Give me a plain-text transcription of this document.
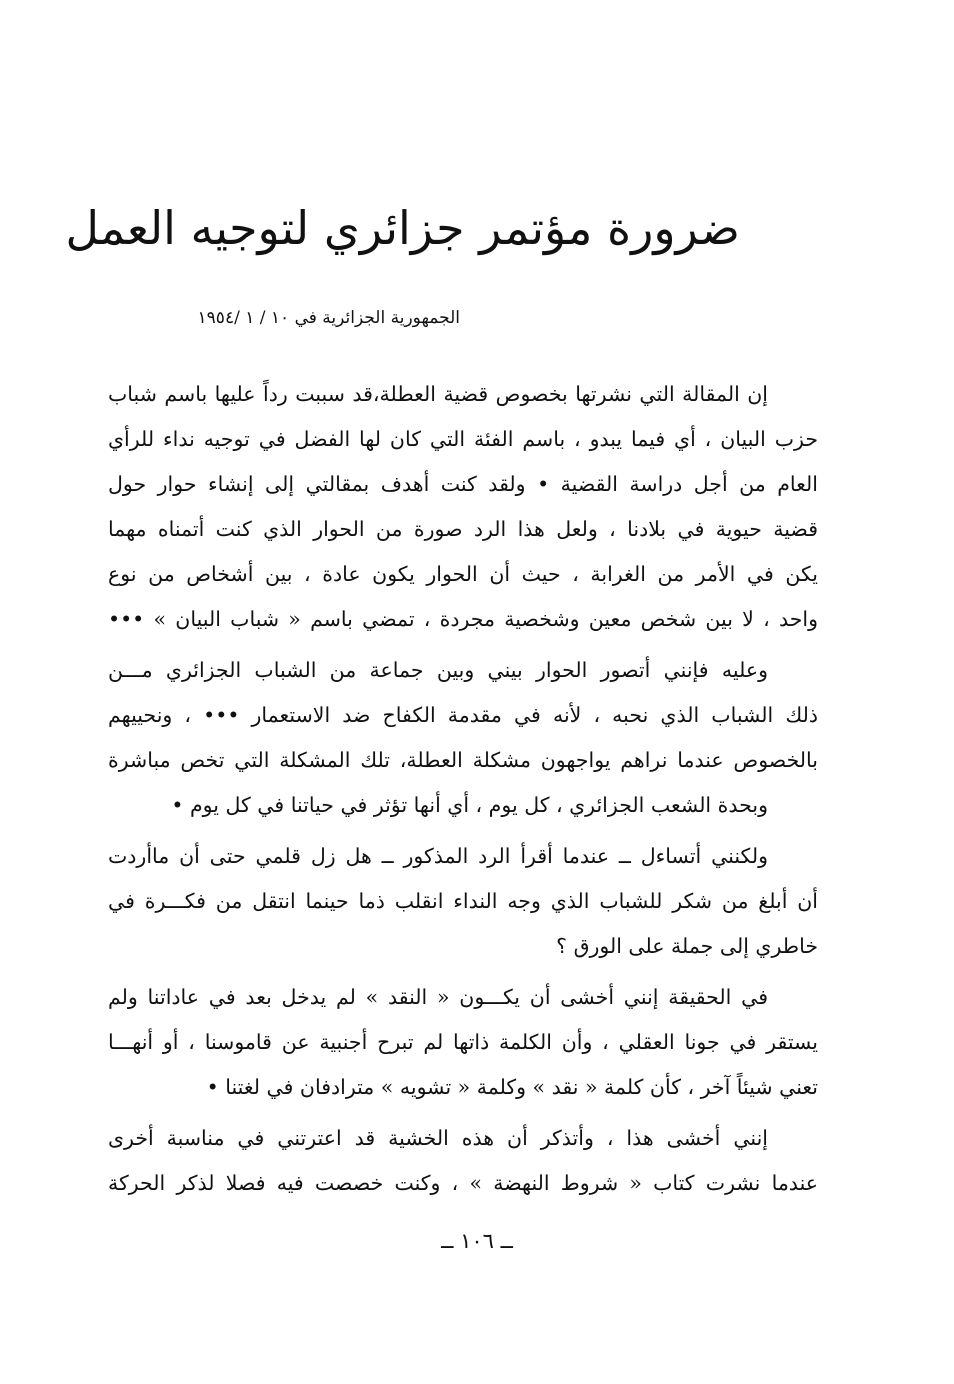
ضرورة مؤتمر جزائري لتوجيه العمل
الجمهورية الجزائرية في ١٠ / ١ /١٩٥٤
إن المقالة التي نشرتها بخصوص قضية العطلة،قد سببت رداً عليها باسم شباب
حزب البيان ، أي فيما يبدو ، باسم الفئة التي كان لها الفضل في توجيه نداء للرأي
العام من أجل دراسة القضية • ولقد كنت أهدف بمقالتي إلى إنشاء حوار حول
قضية حيوية في بلادنا ، ولعل هذا الرد صورة من الحوار الذي كنت أتمناه مهما
يكن في الأمر من الغرابة ، حيث أن الحوار يكون عادة ، بين أشخاص من نوع
واحد ، لا بين شخص معين وشخصية مجردة ، تمضي باسم « شباب البيان » •••
وعليه فإنني أتصور الحوار بيني وبين جماعة من الشباب الجزائري مـــن
ذلك الشباب الذي نحبه ، لأنه في مقدمة الكفاح ضد الاستعمار ••• ، ونحييهم
بالخصوص عندما نراهم يواجهون مشكلة العطلة، تلك المشكلة التي تخص مباشرة
وبحدة الشعب الجزائري ، كل يوم ، أي أنها تؤثر في حياتنا في كل يوم •
ولكنني أتساءل ــ عندما أقرأ الرد المذكور ــ هل زل قلمي حتى أن ماأردت
أن أبلغ من شكر للشباب الذي وجه النداء انقلب ذما حينما انتقل من فكـــرة في
خاطري إلى جملة على الورق ؟
في الحقيقة إنني أخشى أن يكـــون « النقد » لم يدخل بعد في عاداتنا ولم
يستقر في جونا العقلي ، وأن الكلمة ذاتها لم تبرح أجنبية عن قاموسنا ، أو أنهـــا
تعني شيئاً آخر ، كأن كلمة « نقد » وكلمة « تشويه » مترادفان في لغتنا •
إنني أخشى هذا ، وأتذكر أن هذه الخشية قد اعترتني في مناسبة أخرى
عندما نشرت كتاب « شروط النهضة » ، وكنت خصصت فيه فصلا لذكر الحركة
ــ ١٠٦ ــ
